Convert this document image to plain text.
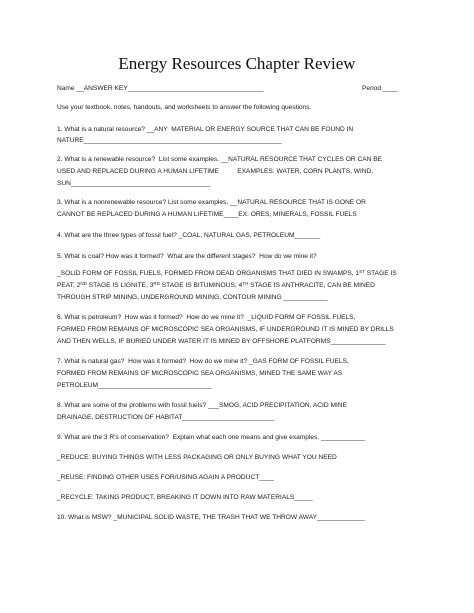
Energy Resources Chapter Review
Name __ANSWER KEY_____________________________________	Period ____
Use your textbook, notes, handouts, and worksheets to answer the following questions.
1. What is a natural resource? __ANY  MATERIAL OR ENERGY SOURCE THAT CAN BE FOUND IN
NATURE______________________________________________________
2. What is a renewable resource?  List some examples. __NATURAL RESOURCE THAT CYCLES OR CAN BE
USED AND REPLACED DURING A HUMAN LIFETIME          EXAMPLES: WATER, CORN PLANTS, WIND,
SUN______________________________________
3. What is a nonrenewable resource? List some examples. __NATURAL RESOURCE THAT IS GONE OR
CANNOT BE REPLACED DURING A HUMAN LIFETIME____EX: ORES, MINERALS, FOSSIL FUELS
4. What are the three types of fossil fuel? _COAL, NATURAL GAS, PETROLEUM_______
5. What is coal? How was it formed?  What are the different stages?  How do we mine it?
_SOLID FORM OF FOSSIL FUELS, FORMED FROM DEAD ORGANISMS THAT DIED IN SWAMPS, 1ST STAGE IS
PEAT, 2ND STAGE IS LIGNITE, 3RD STAGE IS BITUMINOUS, 4TH STAGE IS ANTHRACITE, CAN BE MINED
THROUGH STRIP MINING, UNDERGROUND MINING, CONTOUR MINING ____________
6. What is petroleum?  How was it formed?  How do we mine it?  _LIQUID FORM OF FOSSIL FUELS,
FORMED FROM REMAINS OF MICROSCOPIC SEA ORGANISMS, IF UNDERGROUND IT IS MINED BY DRILLS
AND THEN WELLS, IF BURIED UNDER WATER IT IS MINED BY OFFSHORE PLATFORMS_______________
7. What is natural gas?  How was it formed?  How do we mine it? _GAS FORM OF FOSSIL FUELS,
FORMED FROM REMAINS OF MICROSCOPIC SEA ORGANISMS, MINED THE SAME WAY AS
PETROLEUM_______________________________
8. What are some of the problems with fossil fuels? ___SMOG, ACID PRECIPITATION, ACID MINE
DRAINAGE, DESTRUCTION OF HABITAT_________________________
9. What are the 3 R's of conservation?  Explain what each one means and give examples. ____________
_REDUCE: BUYING THINGS WITH LESS PACKAGING OR ONLY BUYING WHAT YOU NEED
_REUSE: FINDING OTHER USES FOR/USING AGAIN A PRODUCT____
_RECYCLE: TAKING PRODUCT, BREAKING IT DOWN INTO RAW MATERIALS_____
10. What is MSW? _MUNICIPAL SOLID WASTE, THE TRASH THAT WE THROW AWAY_____________
